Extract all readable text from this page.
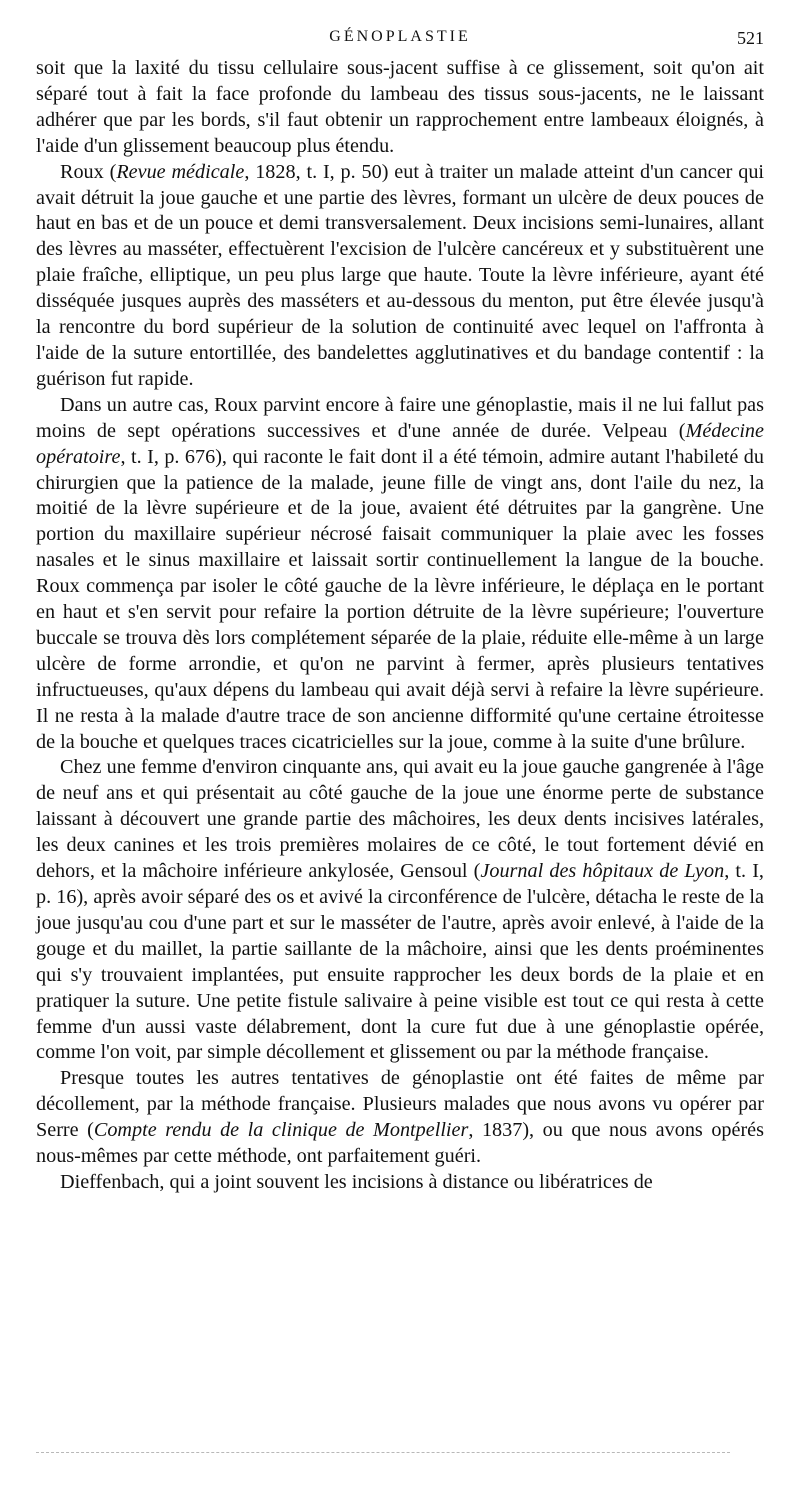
GÉNOPLASTIE	521

soit que la laxité du tissu cellulaire sous-jacent suffise à ce glissement, soit qu'on ait séparé tout à fait la face profonde du lambeau des tissus sous-jacents, ne le laissant adhérer que par les bords, s'il faut obtenir un rapprochement entre lambeaux éloignés, à l'aide d'un glissement beaucoup plus étendu.

Roux (Revue médicale, 1828, t. I, p. 50) eut à traiter un malade atteint d'un cancer qui avait détruit la joue gauche et une partie des lèvres, formant un ulcère de deux pouces de haut en bas et de un pouce et demi transversalement. Deux incisions semi-lunaires, allant des lèvres au masséter, effectuèrent l'excision de l'ulcère cancéreux et y substituèrent une plaie fraîche, elliptique, un peu plus large que haute. Toute la lèvre inférieure, ayant été disséquée jusques auprès des masséters et au-dessous du menton, put être élevée jusqu'à la rencontre du bord supérieur de la solution de continuité avec lequel on l'affronta à l'aide de la suture entortillée, des bandelettes agglutinatives et du bandage contentif : la guérison fut rapide.

Dans un autre cas, Roux parvint encore à faire une génoplastie, mais il ne lui fallut pas moins de sept opérations successives et d'une année de durée. Velpeau (Médecine opératoire, t. I, p. 676), qui raconte le fait dont il a été témoin, admire autant l'habileté du chirurgien que la patience de la malade, jeune fille de vingt ans, dont l'aile du nez, la moitié de la lèvre supérieure et de la joue, avaient été détruites par la gangrène. Une portion du maxillaire supérieur nécrosé faisait communiquer la plaie avec les fosses nasales et le sinus maxillaire et laissait sortir continuellement la langue de la bouche. Roux commença par isoler le côté gauche de la lèvre inférieure, le déplaça en le portant en haut et s'en servit pour refaire la portion détruite de la lèvre supérieure; l'ouverture buccale se trouva dès lors complétement séparée de la plaie, réduite elle-même à un large ulcère de forme arrondie, et qu'on ne parvint à fermer, après plusieurs tentatives infructueuses, qu'aux dépens du lambeau qui avait déjà servi à refaire la lèvre supérieure. Il ne resta à la malade d'autre trace de son ancienne difformité qu'une certaine étroitesse de la bouche et quelques traces cicatricielles sur la joue, comme à la suite d'une brûlure.

Chez une femme d'environ cinquante ans, qui avait eu la joue gauche gangrenée à l'âge de neuf ans et qui présentait au côté gauche de la joue une énorme perte de substance laissant à découvert une grande partie des mâchoires, les deux dents incisives latérales, les deux canines et les trois premières molaires de ce côté, le tout fortement dévié en dehors, et la mâchoire inférieure ankylosée, Gensoul (Journal des hôpitaux de Lyon, t. I, p. 16), après avoir séparé des os et avivé la circonférence de l'ulcère, détacha le reste de la joue jusqu'au cou d'une part et sur le masséter de l'autre, après avoir enlevé, à l'aide de la gouge et du maillet, la partie saillante de la mâchoire, ainsi que les dents proéminentes qui s'y trouvaient implantées, put ensuite rapprocher les deux bords de la plaie et en pratiquer la suture. Une petite fistule salivaire à peine visible est tout ce qui resta à cette femme d'un aussi vaste délabrement, dont la cure fut due à une génoplastie opérée, comme l'on voit, par simple décollement et glissement ou par la méthode française.

Presque toutes les autres tentatives de génoplastie ont été faites de même par décollement, par la méthode française. Plusieurs malades que nous avons vu opérer par Serre (Compte rendu de la clinique de Montpellier, 1837), ou que nous avons opérés nous-mêmes par cette méthode, ont parfaitement guéri.

Dieffenbach, qui a joint souvent les incisions à distance ou libératrices de
